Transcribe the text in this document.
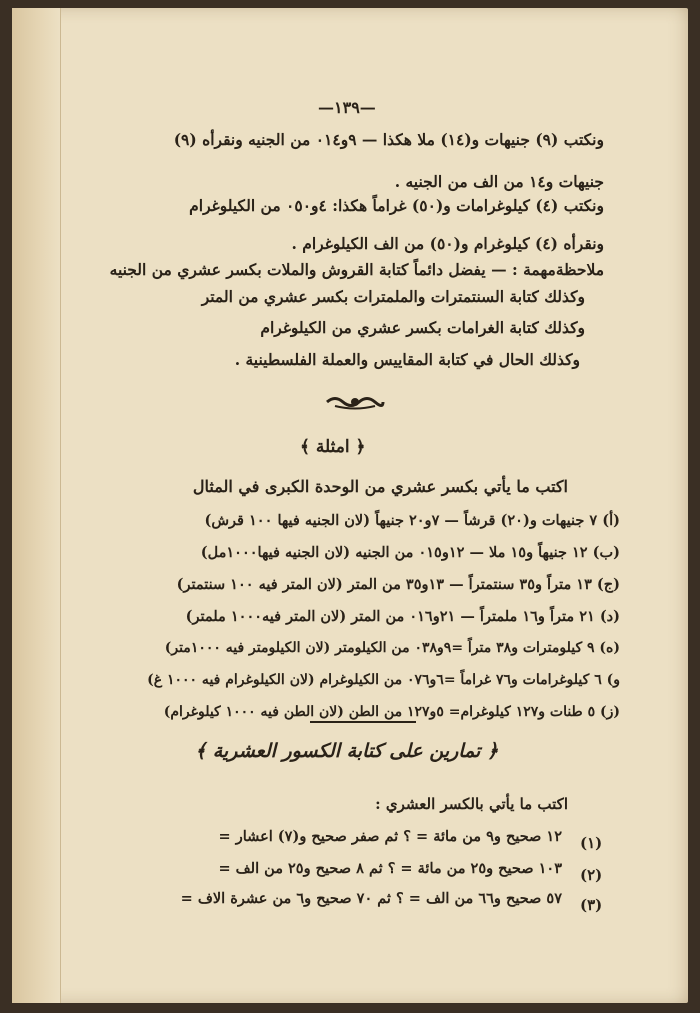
—١٣٩—
ونكتب (٩) جنيهات و(١٤) ملا هكذا — ٩و٠١٤ من الجنيه ونقرأه (٩)
جنيهات و١٤ من الف من الجنيه .
ونكتب (٤) كيلوغرامات و(٥٠) غراماً هكذا: ٤و٠٥٠ من الكيلوغرام
ونقرأه (٤) كيلوغرام و(٥٠) من الف الكيلوغرام .
ملاحظةمهمة : — يفضل دائماً كتابة القروش والملات بكسر عشري من الجنيه
وكذلك كتابة السنتمترات والملمترات بكسر عشري من المتر
وكذلك كتابة الغرامات بكسر عشري من الكيلوغرام
وكذلك الحال في كتابة المقاييس والعملة الفلسطينية .
﴿ امثلة ﴾
اكتب ما يأتي بكسر عشري من الوحدة الكبرى في المثال
(أ) ٧ جنيهات و(٢٠) قرشاً — ٧و٢٠ جنيهاً (لان الجنيه فيها ١٠٠ قرش)
(ب) ١٢ جنيهاً و١٥ ملا — ١٢و٠١٥ من الجنيه (لان الجنيه فيها١٠٠٠مل)
(ج) ١٣ متراً و٣٥ سنتمتراً — ١٣و٣٥ من المتر (لان المتر فيه ١٠٠ سنتمتر)
(د) ٢١ متراً و١٦ ملمتراً — ٢١و٠١٦ من المتر (لان المتر فيه١٠٠٠ ملمتر)
(ه) ٩ كيلومترات و٣٨ متراً =٩و٠٣٨ من الكيلومتر (لان الكيلومتر فيه ١٠٠٠متر)
و) ٦ كيلوغرامات و٧٦ غراماً =٦و٠٧٦ من الكيلوغرام (لان الكيلوغرام فيه ١٠٠٠ غ)
(ز) ٥ طنات و١٢٧ كيلوغرام= ٥و١٢٧ من الطن (لان الطن فيه ١٠٠٠ كيلوغرام)
﴿ تمارين على كتابة الكسور العشرية ﴾
اكتب ما يأتي بالكسر العشري :
(١)
١٢ صحيح و٩ من مائة = ؟ ثم صفر صحيح و(٧) اعشار =
(٢)
١٠٣ صحيح و٢٥ من مائة = ؟ ثم ٨ صحيح و٢٥ من الف =
(٣)
٥٧ صحيح و٦٦ من الف = ؟ ثم ٧٠ صحيح و٦ من عشرة الاف =
